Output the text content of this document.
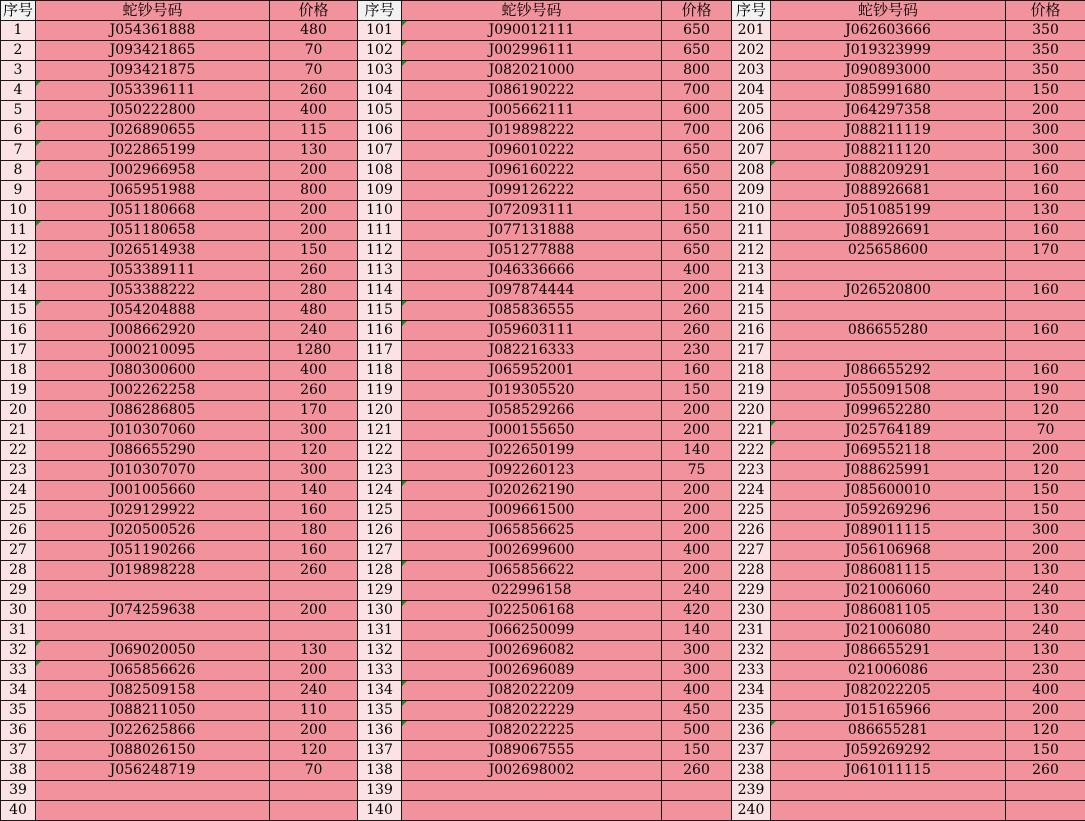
序号	蛇钞号码	价格	序号	蛇钞号码	价格	序号	蛇钞号码	价格
1	J054361888	480	101	J090012111	650	201	J062603666	350
2	J093421865	70	102	J002996111	650	202	J019323999	350
3	J093421875	70	103	J082021000	800	203	J090893000	350
4	J053396111	260	104	J086190222	700	204	J085991680	150
5	J050222800	400	105	J005662111	600	205	J064297358	200
6	J026890655	115	106	J019898222	700	206	J088211119	300
7	J022865199	130	107	J096010222	650	207	J088211120	300
8	J002966958	200	108	J096160222	650	208	J088209291	160
9	J065951988	800	109	J099126222	650	209	J088926681	160
10	J051180668	200	110	J072093111	150	210	J051085199	130
11	J051180658	200	111	J077131888	650	211	J088926691	160
12	J026514938	150	112	J051277888	650	212	025658600	170
13	J053389111	260	113	J046336666	400	213		
14	J053388222	280	114	J097874444	200	214	J026520800	160
15	J054204888	480	115	J085836555	260	215		
16	J008662920	240	116	J059603111	260	216	086655280	160
17	J000210095	1280	117	J082216333	230	217		
18	J080300600	400	118	J065952001	160	218	J086655292	160
19	J002262258	260	119	J019305520	150	219	J055091508	190
20	J086286805	170	120	J058529266	200	220	J099652280	120
21	J010307060	300	121	J000155650	200	221	J025764189	70
22	J086655290	120	122	J022650199	140	222	J069552118	200
23	J010307070	300	123	J092260123	75	223	J088625991	120
24	J001005660	140	124	J020262190	200	224	J085600010	150
25	J029129922	160	125	J009661500	200	225	J059269296	150
26	J020500526	180	126	J065856625	200	226	J089011115	300
27	J051190266	160	127	J002699600	400	227	J056106968	200
28	J019898228	260	128	J065856622	200	228	J086081115	130
29			129	022996158	240	229	J021006060	240
30	J074259638	200	130	J022506168	420	230	J086081105	130
31			131	J066250099	140	231	J021006080	240
32	J069020050	130	132	J002696082	300	232	J086655291	130
33	J065856626	200	133	J002696089	300	233	021006086	230
34	J082509158	240	134	J082022209	400	234	J082022205	400
35	J088211050	110	135	J082022229	450	235	J015165966	200
36	J022625866	200	136	J082022225	500	236	086655281	120
37	J088026150	120	137	J089067555	150	237	J059269292	150
38	J056248719	70	138	J002698002	260	238	J061011115	260
39			139			239		
40			140			240		
